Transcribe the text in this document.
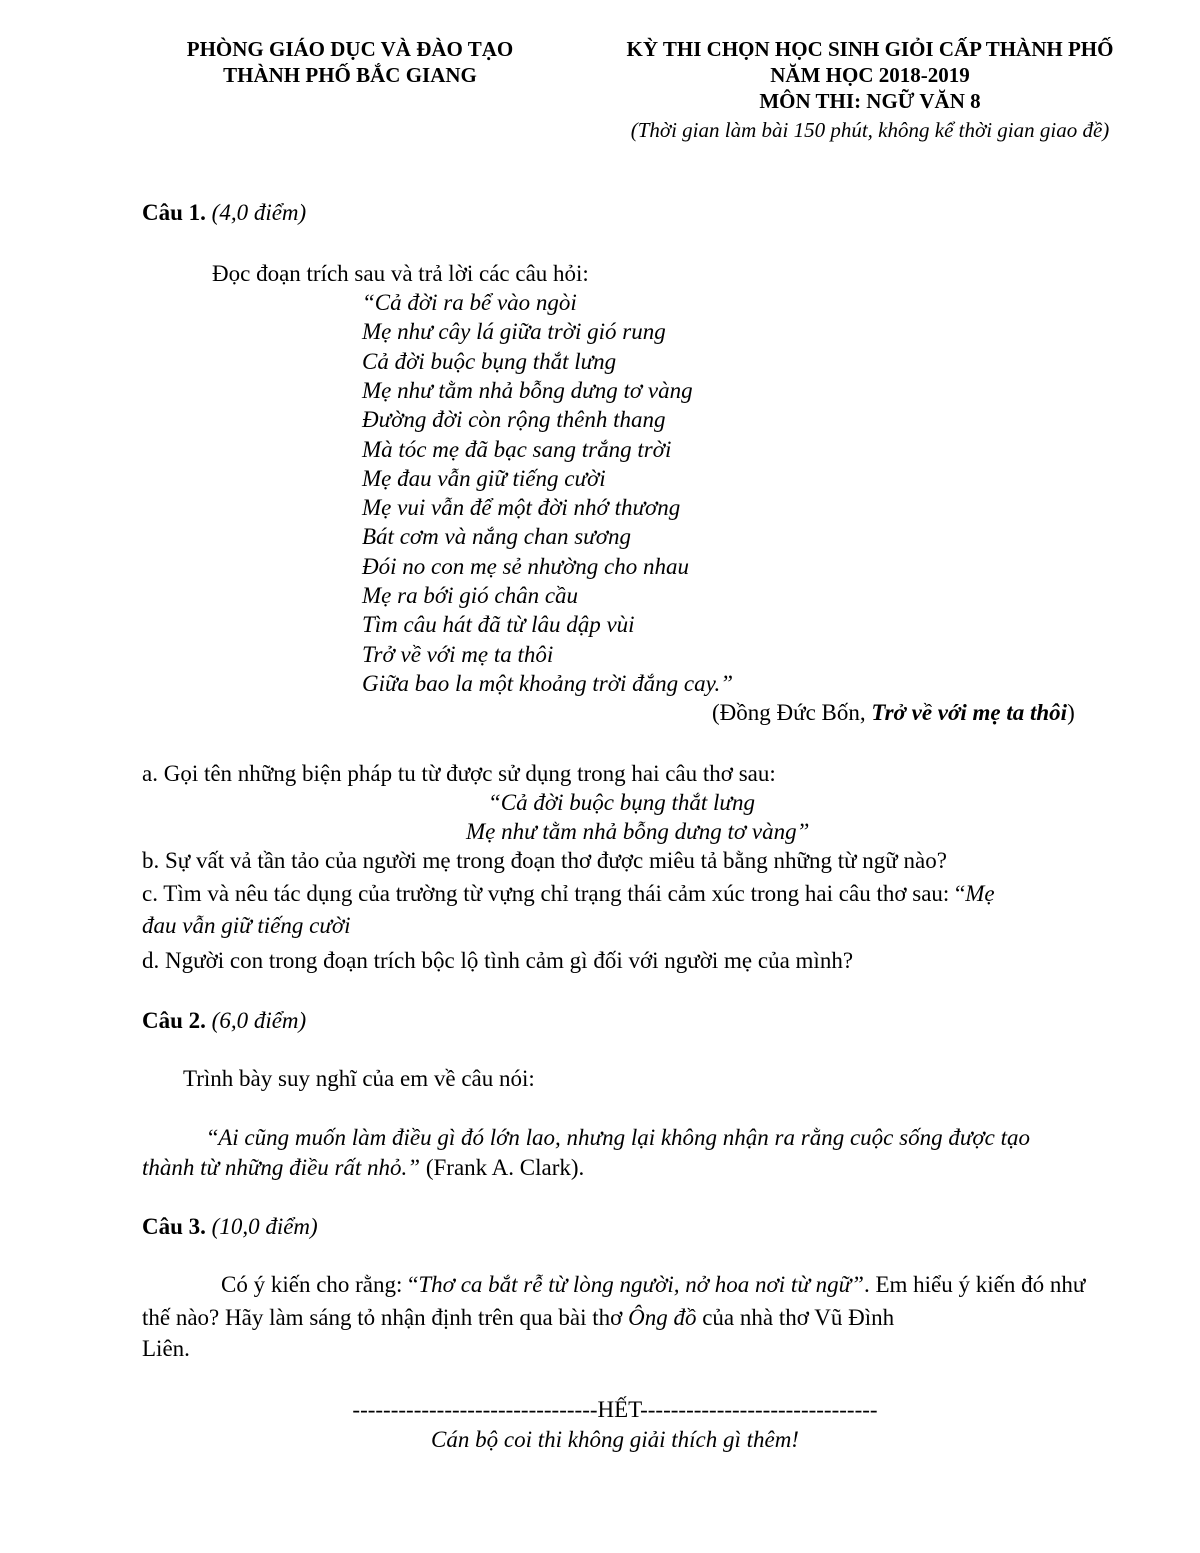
PHÒNG GIÁO DỤC VÀ ĐÀO TẠO
THÀNH PHỐ BẮC GIANG
KỲ THI CHỌN HỌC SINH GIỎI CẤP THÀNH PHỐ
NĂM HỌC 2018-2019
MÔN THI: NGỮ VĂN 8
(Thời gian làm bài 150 phút, không kể thời gian giao đề)
Câu 1. (4,0 điểm)
Đọc đoạn trích sau và trả lời các câu hỏi:
“Cả đời ra bể vào ngòi
Mẹ như cây lá giữa trời gió rung
Cả đời buộc bụng thắt lưng
Mẹ như tằm nhả bỗng dưng tơ vàng
Đường đời còn rộng thênh thang
Mà tóc mẹ đã bạc sang trắng trời
Mẹ đau vẫn giữ tiếng cười
Mẹ vui vẫn để một đời nhớ thương
Bát cơm và nắng chan sương
Đói no con mẹ sẻ nhường cho nhau
Mẹ ra bới gió chân cầu
Tìm câu hát đã từ lâu dập vùi
Trở về với mẹ ta thôi
Giữa bao la một khoảng trời đắng cay.”
(Đồng Đức Bốn, Trở về với mẹ ta thôi)
a. Gọi tên những biện pháp tu từ được sử dụng trong hai câu thơ sau:
“Cả đời buộc bụng thắt lưng
Mẹ như tằm nhả bỗng dưng tơ vàng”
b. Sự vất vả tần tảo của người mẹ trong đoạn thơ được miêu tả bằng những từ ngữ nào?
c. Tìm và nêu tác dụng của trường từ vựng chỉ trạng thái cảm xúc trong hai câu thơ sau: “Mẹ
đau vẫn giữ tiếng cười
d. Người con trong đoạn trích bộc lộ tình cảm gì đối với người mẹ của mình?
Câu 2. (6,0 điểm)
Trình bày suy nghĩ của em về câu nói:
“Ai cũng muốn làm điều gì đó lớn lao, nhưng lại không nhận ra rằng cuộc sống được tạo
thành từ những điều rất nhỏ.” (Frank A. Clark).
Câu 3. (10,0 điểm)
Có ý kiến cho rằng: “Thơ ca bắt rễ từ lòng người, nở hoa nơi từ ngữ”. Em hiểu ý kiến đó như
thế nào? Hãy làm sáng tỏ nhận định trên qua bài thơ Ông đồ của nhà thơ Vũ Đình
Liên.
--------------------------------HẾT-------------------------------
Cán bộ coi thi không giải thích gì thêm!
